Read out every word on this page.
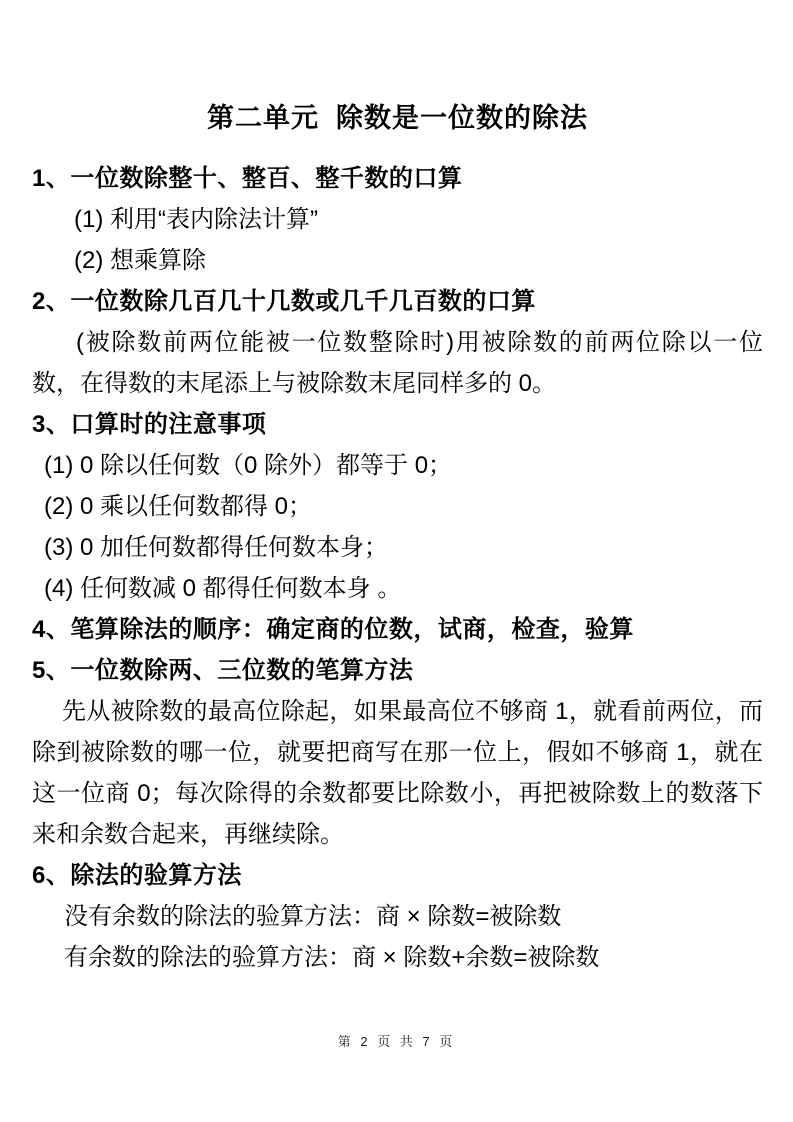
第二单元  除数是一位数的除法
1、一位数除整十、整百、整千数的口算
(1) 利用“表内除法计算”
(2) 想乘算除
2、一位数除几百几十几数或几千几百数的口算

(被除数前两位能被一位数整除时)用被除数的前两位除以一位数，在得数的末尾添上与被除数末尾同样多的 0。

3、口算时的注意事项
(1) 0 除以任何数（0 除外）都等于 0；
(2) 0 乘以任何数都得 0；
(3) 0 加任何数都得任何数本身；
(4) 任何数减 0 都得任何数本身 。
4、笔算除法的顺序：确定商的位数，试商，检查，验算
5、一位数除两、三位数的笔算方法

先从被除数的最高位除起，如果最高位不够商 1，就看前两位，而除到被除数的哪一位，就要把商写在那一位上，假如不够商 1，就在这一位商 0；每次除得的余数都要比除数小，再把被除数上的数落下来和余数合起来，再继续除。

6、除法的验算方法
没有余数的除法的验算方法：商 × 除数=被除数
有余数的除法的验算方法：商 × 除数+余数=被除数
第 2 页 共 7 页
